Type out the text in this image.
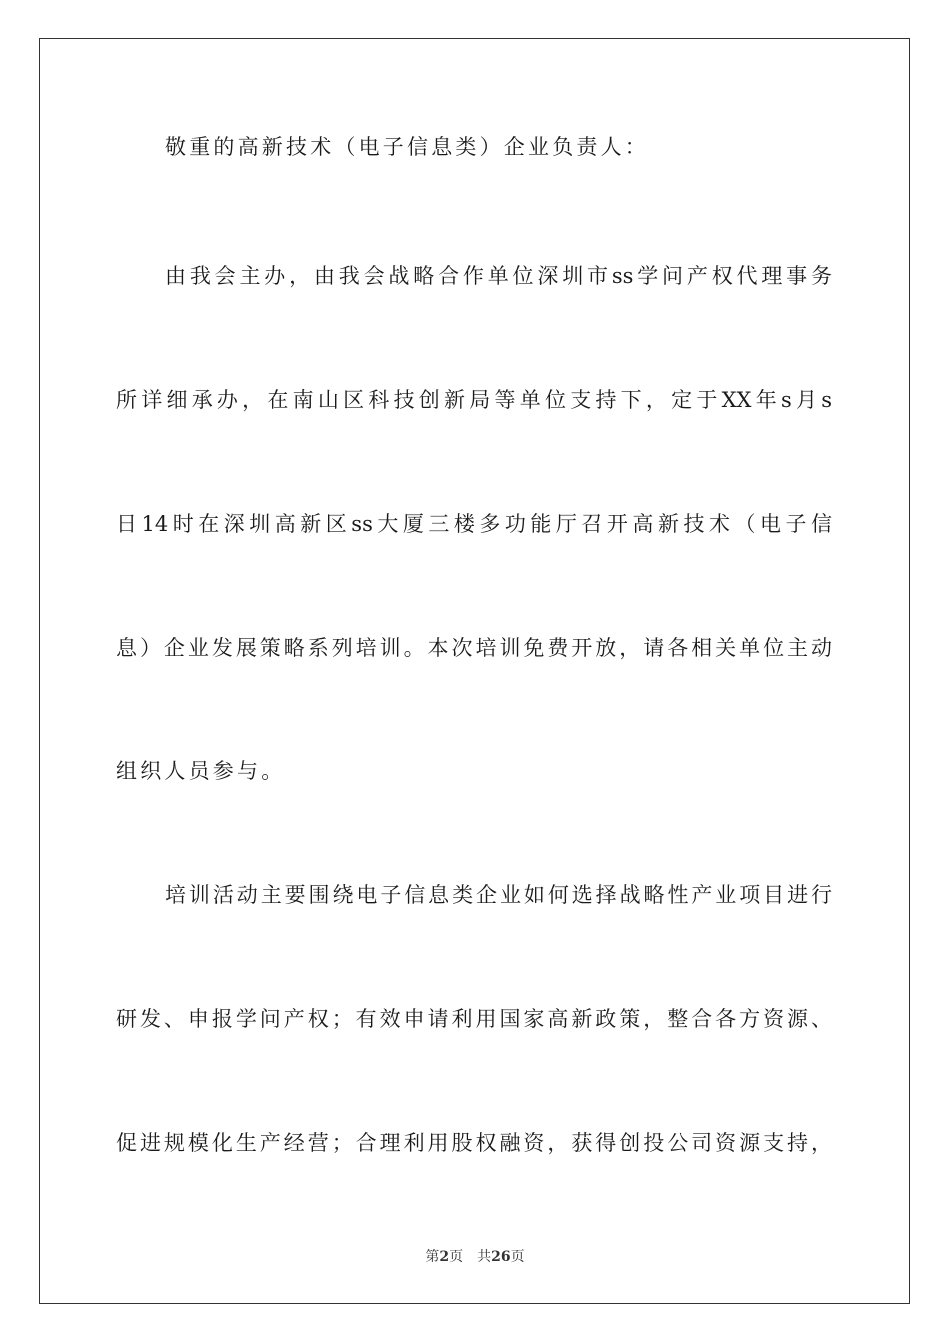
敬重的高新技术（电子信息类）企业负责人：
由我会主办，由我会战略合作单位深圳市ss学问产权代理事务
所详细承办，在南山区科技创新局等单位支持下，定于XX年s月s
日14时在深圳高新区ss大厦三楼多功能厅召开高新技术（电子信
息）企业发展策略系列培训。本次培训免费开放，请各相关单位主动
组织人员参与。
培训活动主要围绕电子信息类企业如何选择战略性产业项目进行
研发、申报学问产权；有效申请利用国家高新政策，整合各方资源、
促进规模化生产经营；合理利用股权融资，获得创投公司资源支持，
第2页 共26页
